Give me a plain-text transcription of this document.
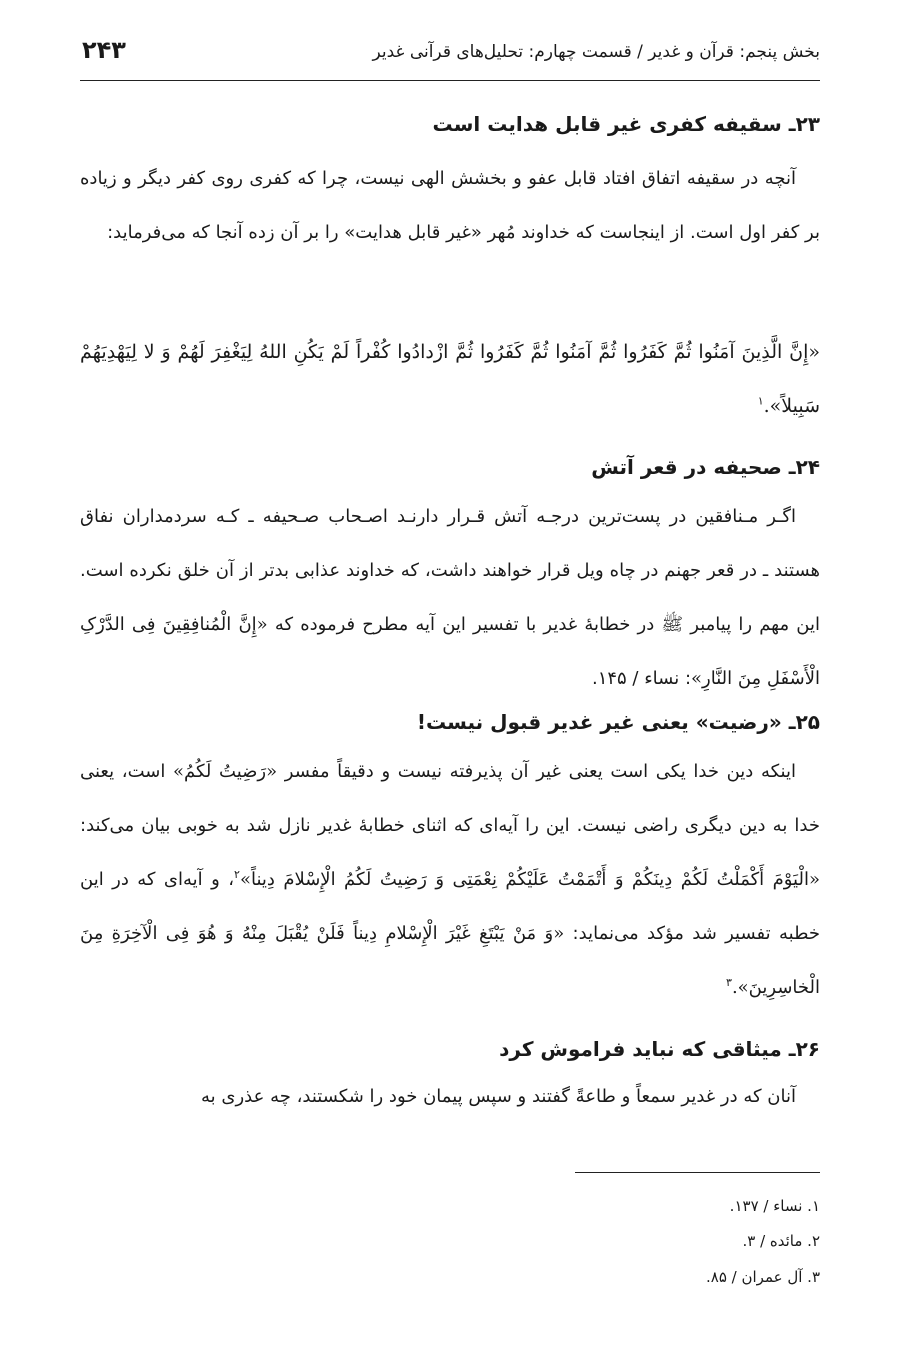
بخش پنجم: قرآن و غدیر / قسمت چهارم: تحلیل‌های قرآنی غدیر
۲۴۳
۲۳ـ سقیفه کفری غیر قابل هدایت است

آنچه در سقیفه اتفاق افتاد قابل عفو و بخشش الهی نیست، چرا که کفری روی کفر دیگر و زیاده بر کفر اول است. از اینجاست که خداوند مُهر «غیر قابل هدایت» را بر آن زده آنجا که می‌فرماید:

«إِنَّ الَّذِینَ آمَنُوا ثُمَّ کَفَرُوا ثُمَّ آمَنُوا ثُمَّ کَفَرُوا ثُمَّ ازْدادُوا کُفْراً لَمْ یَکُنِ اللهُ لِیَغْفِرَ لَهُمْ وَ لا لِیَهْدِیَهُمْ سَبِیلاً».$^۱$

۲۴ـ صحیفه در قعر آتش

اگـر مـنافقین در پست‌ترین درجـه آتش قـرار دارنـد اصـحاب صـحیفه ـ کـه سردمداران نفاق هستند ـ در قعر جهنم در چاه ویل قرار خواهند داشت، که خداوند عذابی بدتر از آن خلق نکرده است. این مهم را پیامبر ﷺ در خطابهٔ غدیر با تفسیر این آیه مطرح فرموده که «إِنَّ الْمُنافِقِینَ فِی الدَّرْکِ الْأَسْفَلِ مِنَ النَّارِ»: نساء / ۱۴۵.

۲۵ـ «رضیت» یعنی غیر غدیر قبول نیست!

اینکه دین خدا یکی است یعنی غیر آن پذیرفته نیست و دقیقاً مفسر «رَضِیتُ لَکُمُ» است، یعنی خدا به دین دیگری راضی نیست. این را آیه‌ای که اثنای خطابهٔ غدیر نازل شد به خوبی بیان می‌کند: «الْیَوْمَ أَکْمَلْتُ لَکُمْ دِینَکُمْ وَ أَتْمَمْتُ عَلَیْکُمْ نِعْمَتِی وَ رَضِیتُ لَکُمُ الْإِسْلامَ دِیناً»$^۲$، و آیه‌ای که در این خطبه تفسیر شد مؤکد می‌نماید: «وَ مَنْ یَبْتَغِ غَیْرَ الْإِسْلامِ دِیناً فَلَنْ یُقْبَلَ مِنْهُ وَ هُوَ فِی الْآخِرَةِ مِنَ الْخاسِرِینَ».$^۳$

۲۶ـ میثاقی که نباید فراموش کرد

آنان که در غدیر سمعاً و طاعةً گفتند و سپس پیمان خود را شکستند، چه عذری به

۱. نساء / ۱۳۷.
۲. مائده / ۳.
۳. آل عمران / ۸۵.
